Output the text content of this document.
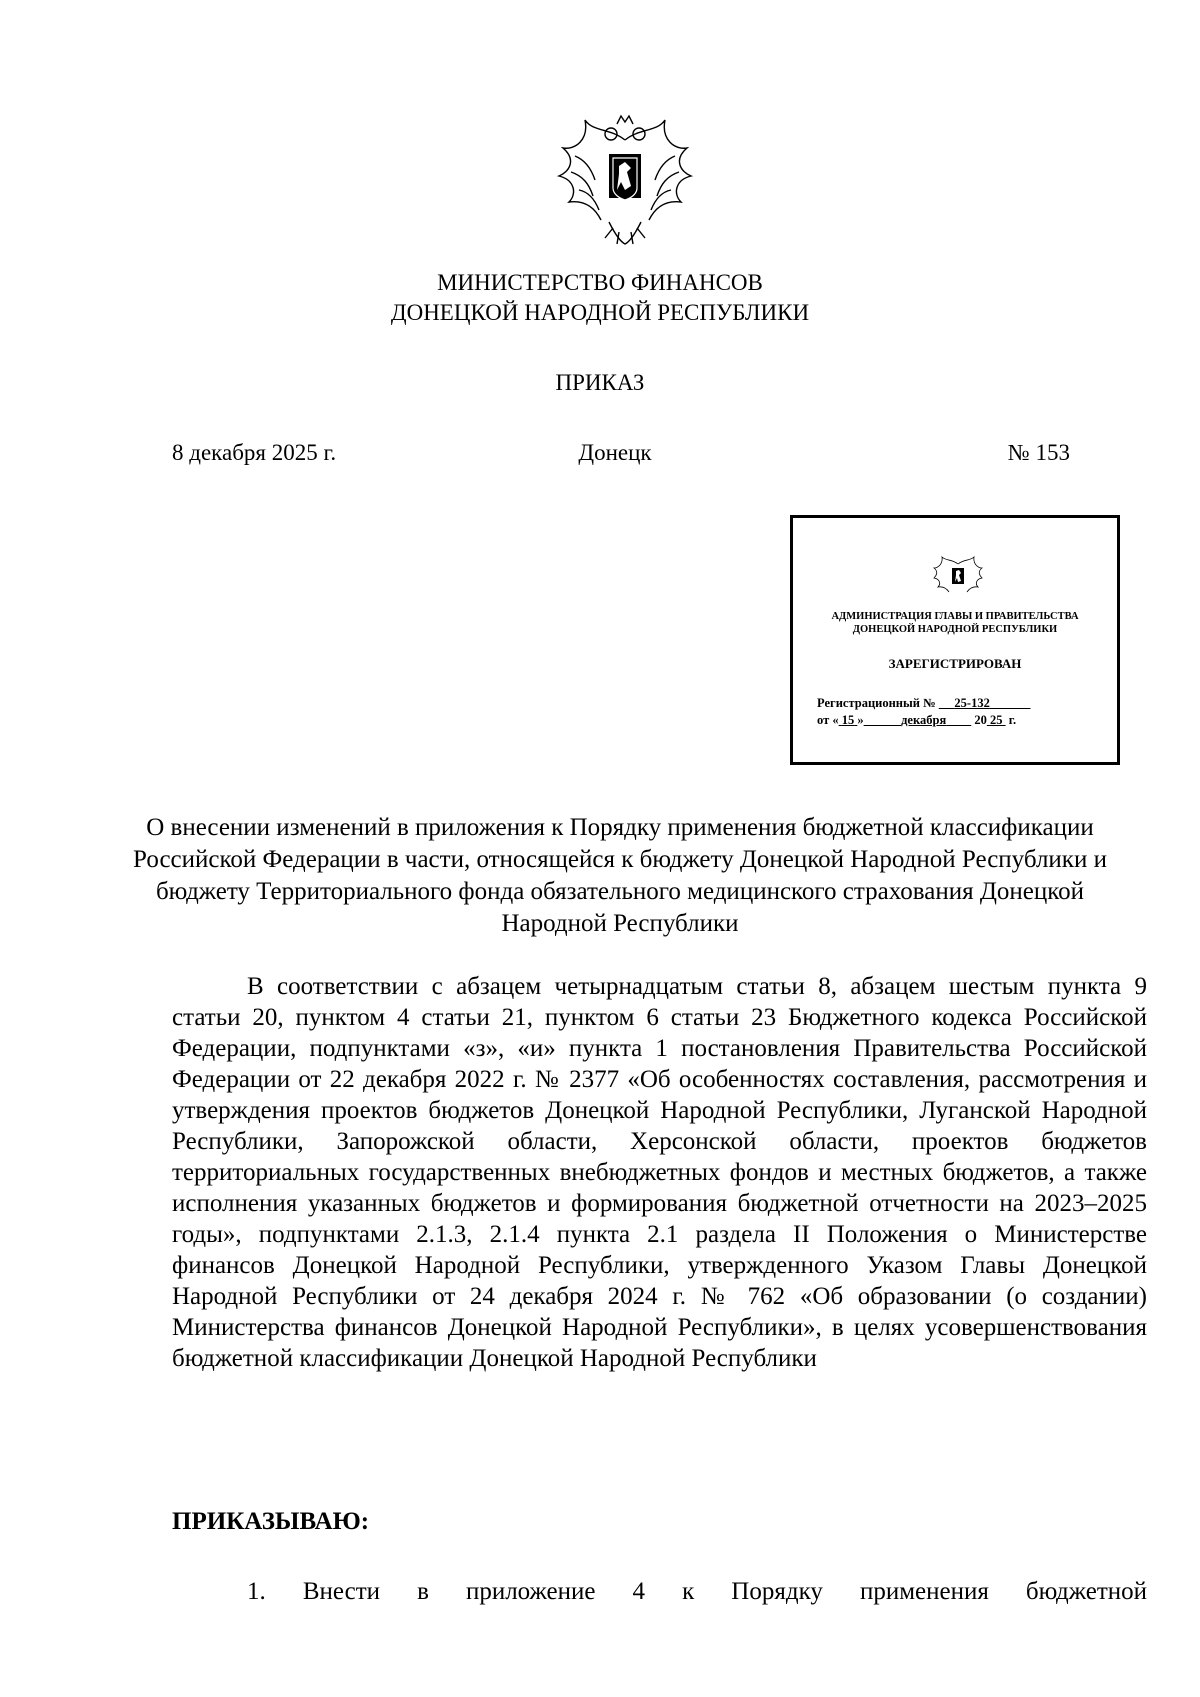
МИНИСТЕРСТВО ФИНАНСОВ
ДОНЕЦКОЙ НАРОДНОЙ РЕСПУБЛИКИ
ПРИКАЗ
8 декабря 2025 г.	Донецк	№ 153
АДМИНИСТРАЦИЯ ГЛАВЫ И ПРАВИТЕЛЬСТВА
ДОНЕЦКОЙ НАРОДНОЙ РЕСПУБЛИКИ
ЗАРЕГИСТРИРОВАН
Регистрационный № 25-132
от « 15 »	декабря 20 25 г.
О внесении изменений в приложения к Порядку применения бюджетной классификации Российской Федерации в части, относящейся к бюджету Донецкой Народной Республики и бюджету Территориального фонда обязательного медицинского страхования Донецкой Народной Республики

В соответствии с абзацем четырнадцатым статьи 8, абзацем шестым пункта 9 статьи 20, пунктом 4 статьи 21, пунктом 6 статьи 23 Бюджетного кодекса Российской Федерации, подпунктами «з», «и» пункта 1 постановления Правительства Российской Федерации от 22 декабря 2022 г. № 2377 «Об особенностях составления, рассмотрения и утверждения проектов бюджетов Донецкой Народной Республики, Луганской Народной Республики, Запорожской области, Херсонской области, проектов бюджетов территориальных государственных внебюджетных фондов и местных бюджетов, а также исполнения указанных бюджетов и формирования бюджетной отчетности на 2023–2025 годы», подпунктами 2.1.3, 2.1.4 пункта 2.1 раздела II Положения о Министерстве финансов Донецкой Народной Республики, утвержденного Указом Главы Донецкой Народной Республики от 24 декабря 2024 г. № 762 «Об образовании (о создании) Министерства финансов Донецкой Народной Республики», в целях усовершенствования бюджетной классификации Донецкой Народной Республики

ПРИКАЗЫВАЮ:

1. Внести в приложение 4 к Порядку применения бюджетной
